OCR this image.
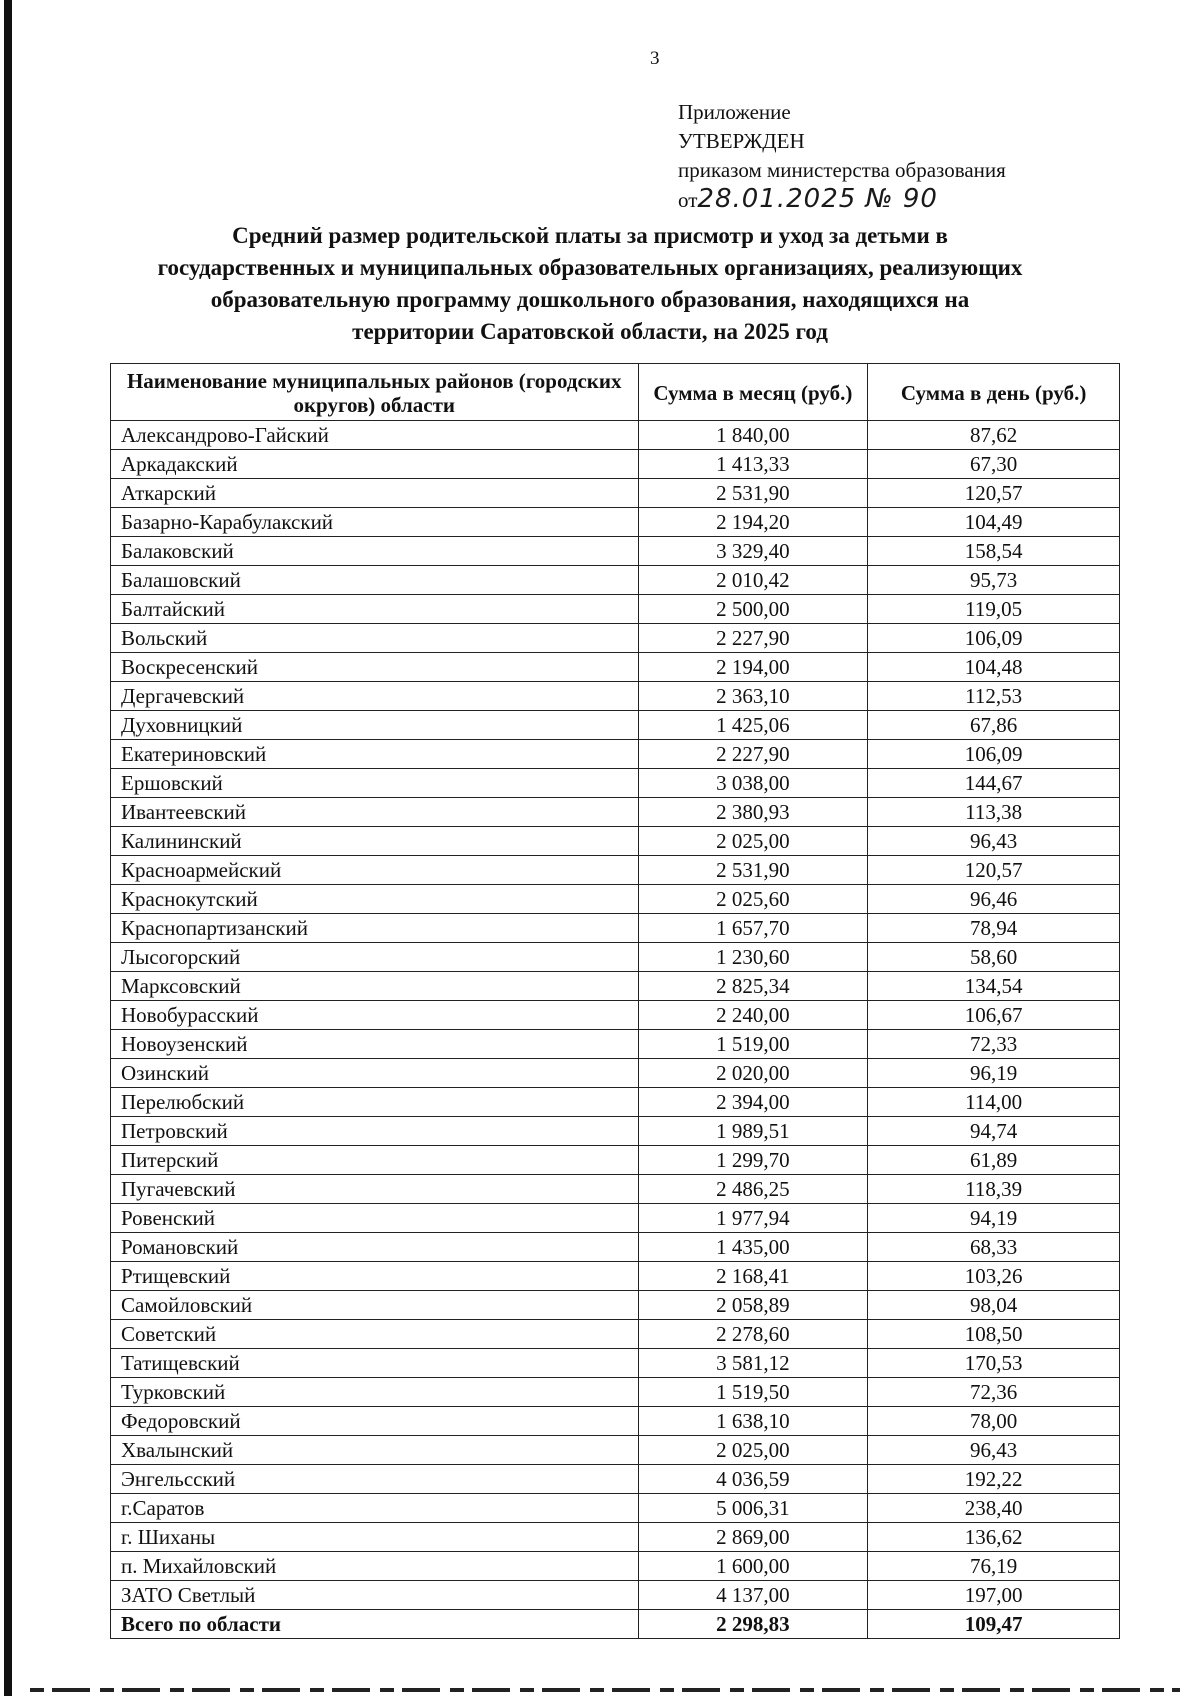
3
Приложение
УТВЕРЖДЕН
приказом министерства образования
от28.01.2025 № 90
Средний размер родительской платы за присмотр и уход за детьми в государственных и муниципальных образовательных организациях, реализующих образовательную программу дошкольного образования, находящихся на территории Саратовской области, на 2025 год
Наименование муниципальных районов (городских округов) области	Сумма в месяц (руб.)	Сумма в день (руб.)
Александрово-Гайский	1 840,00	87,62
Аркадакский	1 413,33	67,30
Аткарский	2 531,90	120,57
Базарно-Карабулакский	2 194,20	104,49
Балаковский	3 329,40	158,54
Балашовский	2 010,42	95,73
Балтайский	2 500,00	119,05
Вольский	2 227,90	106,09
Воскресенский	2 194,00	104,48
Дергачевский	2 363,10	112,53
Духовницкий	1 425,06	67,86
Екатериновский	2 227,90	106,09
Ершовский	3 038,00	144,67
Ивантеевский	2 380,93	113,38
Калининский	2 025,00	96,43
Красноармейский	2 531,90	120,57
Краснокутский	2 025,60	96,46
Краснопартизанский	1 657,70	78,94
Лысогорский	1 230,60	58,60
Марксовский	2 825,34	134,54
Новобурасский	2 240,00	106,67
Новоузенский	1 519,00	72,33
Озинский	2 020,00	96,19
Перелюбский	2 394,00	114,00
Петровский	1 989,51	94,74
Питерский	1 299,70	61,89
Пугачевский	2 486,25	118,39
Ровенский	1 977,94	94,19
Романовский	1 435,00	68,33
Ртищевский	2 168,41	103,26
Самойловский	2 058,89	98,04
Советский	2 278,60	108,50
Татищевский	3 581,12	170,53
Турковский	1 519,50	72,36
Федоровский	1 638,10	78,00
Хвалынский	2 025,00	96,43
Энгельсский	4 036,59	192,22
г.Саратов	5 006,31	238,40
г. Шиханы	2 869,00	136,62
п. Михайловский	1 600,00	76,19
ЗАТО Светлый	4 137,00	197,00
Всего по области	2 298,83	109,47
